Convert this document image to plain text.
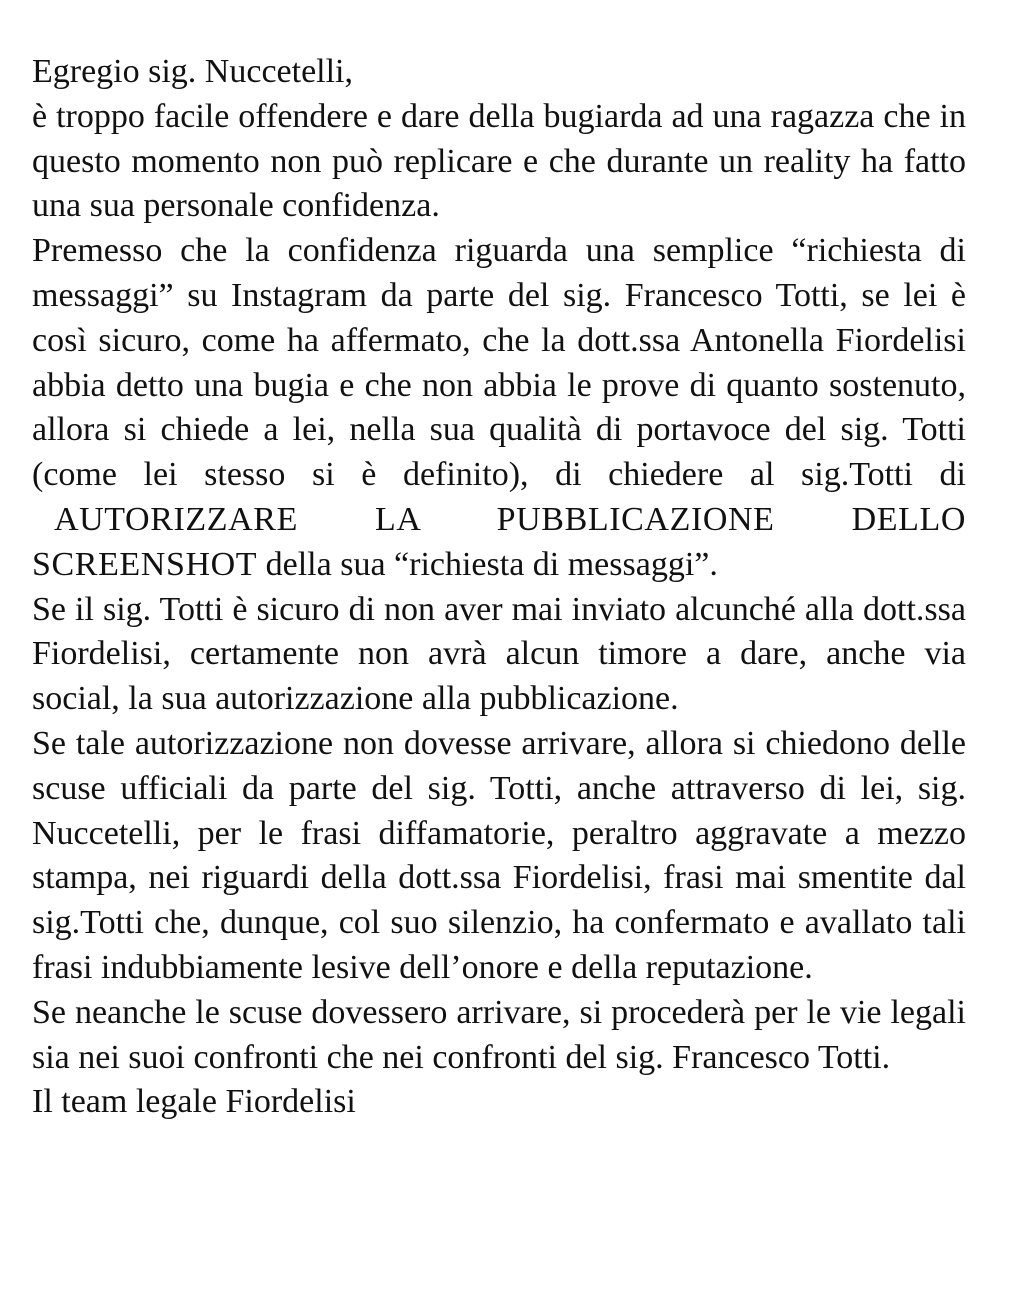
Egregio sig. Nuccetelli,

è troppo facile offendere e dare della bugiarda ad una ragazza che in questo momento non può replicare e che durante un reality ha fatto una sua personale confidenza.

Premesso che la confidenza riguarda una semplice “richiesta di messaggi” su Instagram da parte del sig. Francesco Totti, se lei è così sicuro, come ha affermato, che la dott.ssa Antonella Fiordelisi abbia detto una bugia e che non abbia le prove di quanto sostenuto, allora si chiede a lei, nella sua qualità di portavoce del sig. Totti (come lei stesso si è definito), di chiedere al sig.Totti di AUTORIZZARE LA PUBBLICAZIONE DELLO SCREENSHOT della sua “richiesta di messaggi”.

Se il sig. Totti è sicuro di non aver mai inviato alcunché alla dott.ssa Fiordelisi, certamente non avrà alcun timore a dare, anche via social, la sua autorizzazione alla pubblicazione.

Se tale autorizzazione non dovesse arrivare, allora si chiedono delle scuse ufficiali da parte del sig. Totti, anche attraverso di lei, sig. Nuccetelli, per le frasi diffamatorie, peraltro aggravate a mezzo stampa, nei riguardi della dott.ssa Fiordelisi, frasi mai smentite dal sig.Totti che, dunque, col suo silenzio, ha confermato e avallato tali frasi indubbiamente lesive dell’onore e della reputazione.

Se neanche le scuse dovessero arrivare, si procederà per le vie legali sia nei suoi confronti che nei confronti del sig. Francesco Totti.

Il team legale Fiordelisi
